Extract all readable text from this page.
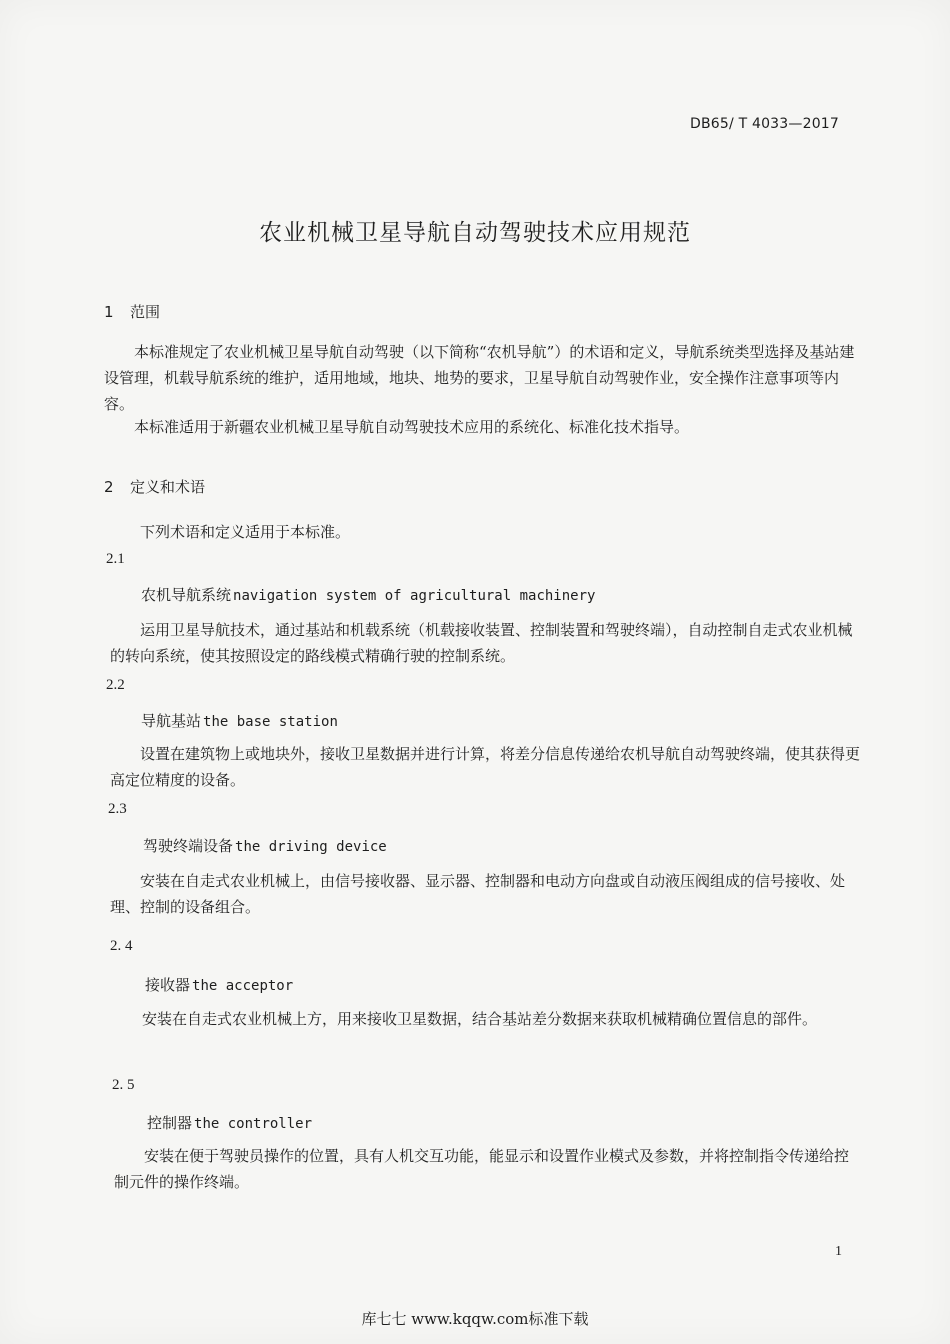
DB65/ T 4033—2017
农业机械卫星导航自动驾驶技术应用规范
1 范围
本标准规定了农业机械卫星导航自动驾驶（以下简称“农机导航”）的术语和定义，导航系统类型选择及基站建设管理，机载导航系统的维护，适用地域，地块、地势的要求，卫星导航自动驾驶作业，安全操作注意事项等内容。
本标准适用于新疆农业机械卫星导航自动驾驶技术应用的系统化、标准化技术指导。
2 定义和术语
下列术语和定义适用于本标准。
2.1
农机导航系统 navigation system of agricultural machinery
运用卫星导航技术，通过基站和机载系统（机载接收装置、控制装置和驾驶终端），自动控制自走式农业机械的转向系统，使其按照设定的路线模式精确行驶的控制系统。
2.2
导航基站 the base station
设置在建筑物上或地块外，接收卫星数据并进行计算，将差分信息传递给农机导航自动驾驶终端，使其获得更高定位精度的设备。
2.3
驾驶终端设备 the driving device
安装在自走式农业机械上，由信号接收器、显示器、控制器和电动方向盘或自动液压阀组成的信号接收、处理、控制的设备组合。
2. 4
接收器 the acceptor
安装在自走式农业机械上方，用来接收卫星数据，结合基站差分数据来获取机械精确位置信息的部件。
2. 5
控制器 the controller
安装在便于驾驶员操作的位置，具有人机交互功能，能显示和设置作业模式及参数，并将控制指令传递给控制元件的操作终端。
1
库七七 www.kqqw.com标准下载
